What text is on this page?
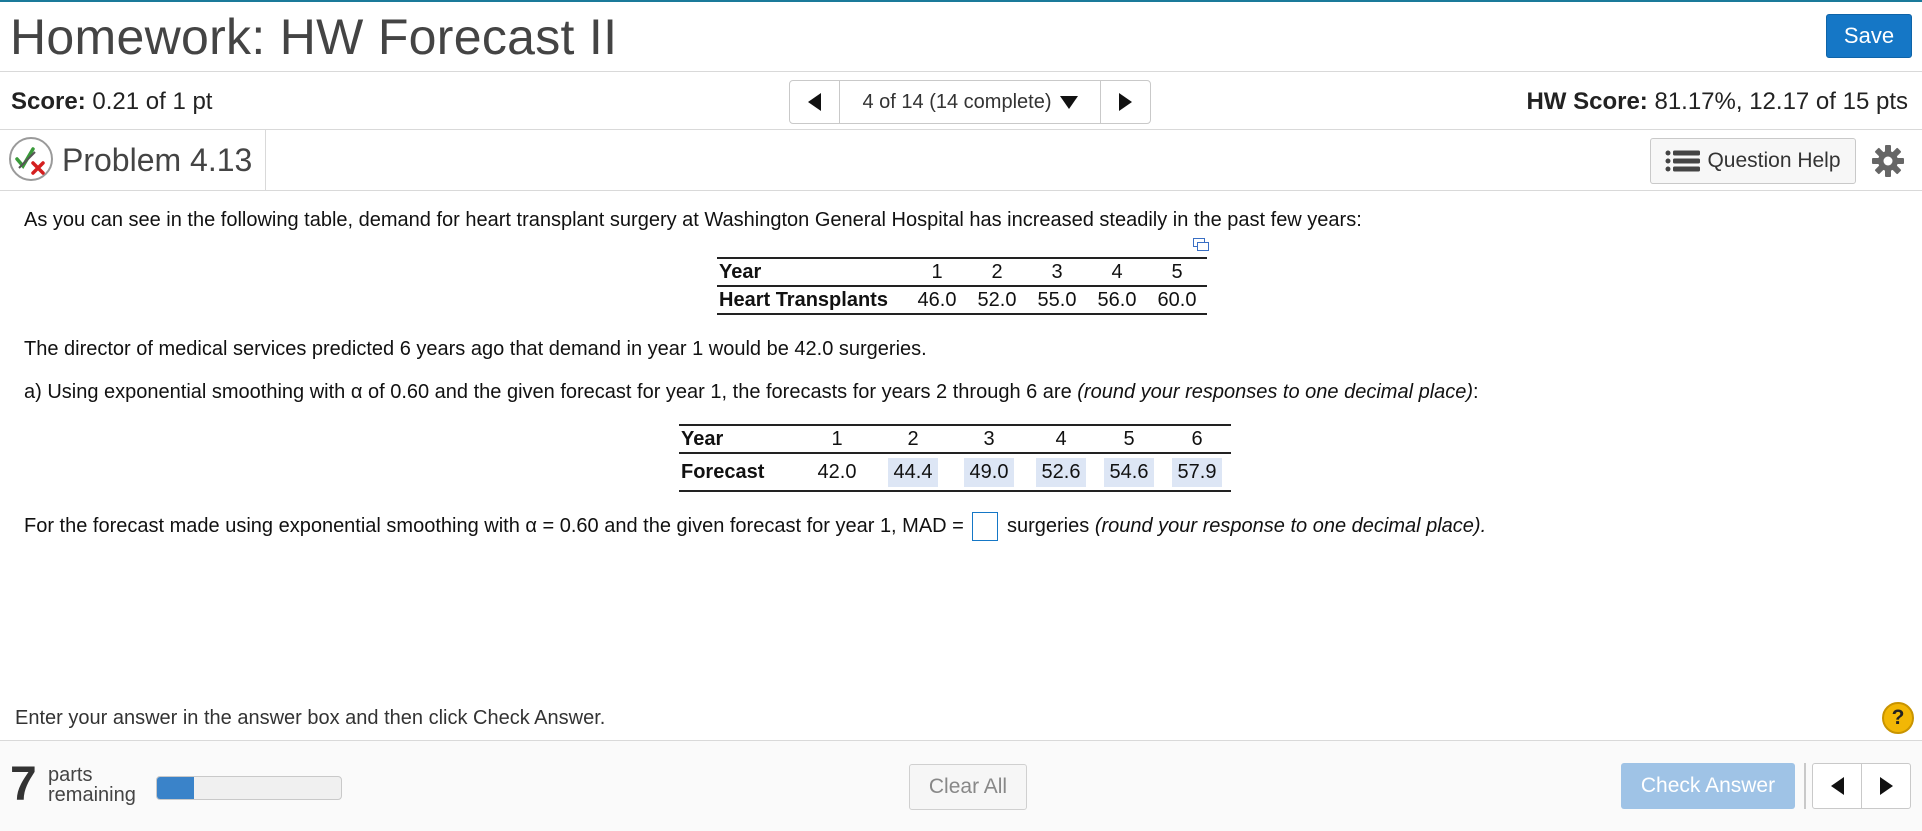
Homework: HW Forecast II	Save
Score: 0.21 of 1 pt	4 of 14 (14 complete)	HW Score: 81.17%, 12.17 of 15 pts
Problem 4.13	Question Help
As you can see in the following table, demand for heart transplant surgery at Washington General Hospital has increased steadily in the past few years:
Year	1	2	3	4	5
Heart Transplants	46.0	52.0	55.0	56.0	60.0
The director of medical services predicted 6 years ago that demand in year 1 would be 42.0 surgeries.
a) Using exponential smoothing with α of 0.60 and the given forecast for year 1, the forecasts for years 2 through 6 are (round your responses to one decimal place):
Year	1	2	3	4	5	6
Forecast	42.0	44.4	49.0	52.6	54.6	57.9
For the forecast made using exponential smoothing with α = 0.60 and the given forecast for year 1, MAD = surgeries (round your response to one decimal place).
Enter your answer in the answer box and then click Check Answer.	?
7 parts
remaining	Clear All	Check Answer
